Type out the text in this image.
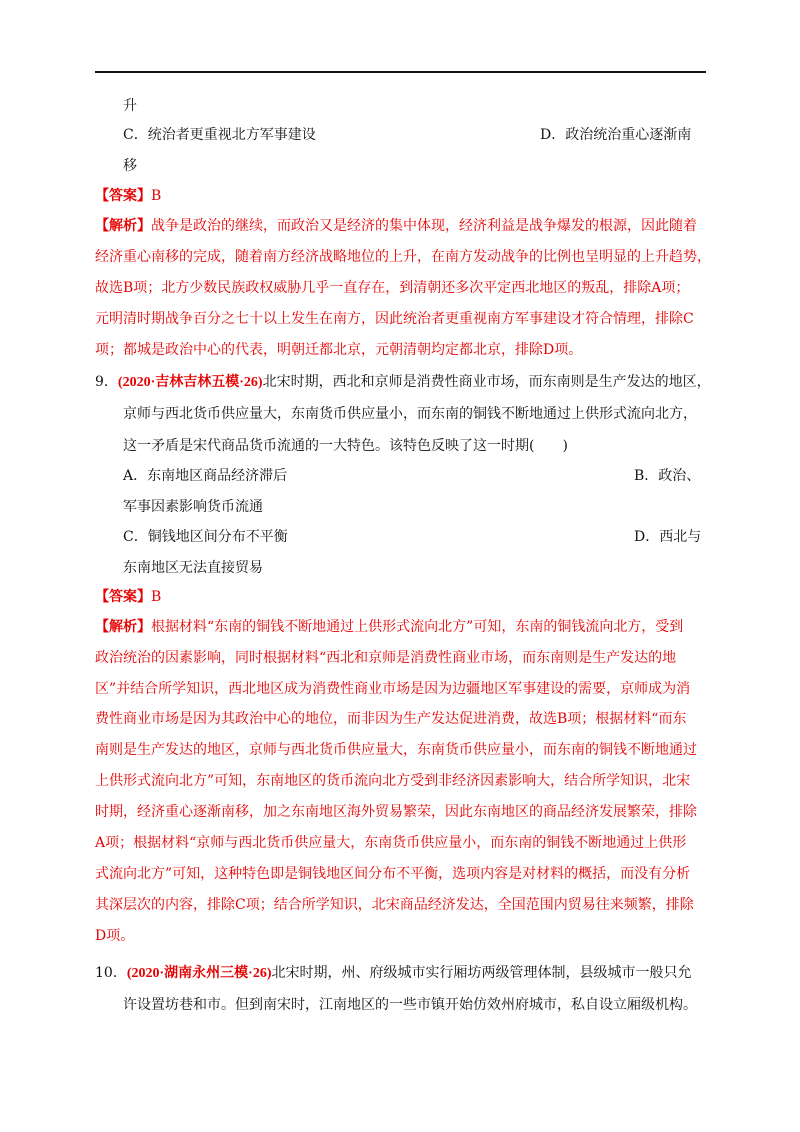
升
C．统治者更重视北方军事建设	D．政治统治重心逐渐南
移
【答案】B
【解析】战争是政治的继续，而政治又是经济的集中体现，经济利益是战争爆发的根源，因此随着
经济重心南移的完成，随着南方经济战略地位的上升，在南方发动战争的比例也呈明显的上升趋势，
故选B项；北方少数民族政权威胁几乎一直存在，到清朝还多次平定西北地区的叛乱，排除A项；
元明清时期战争百分之七十以上发生在南方，因此统治者更重视南方军事建设才符合情理，排除C
项；都城是政治中心的代表，明朝迁都北京，元朝清朝均定都北京，排除D项。
9．(2020·吉林吉林五模·26)北宋时期，西北和京师是消费性商业市场，而东南则是生产发达的地区，
京师与西北货币供应量大，东南货币供应量小，而东南的铜钱不断地通过上供形式流向北方，
这一矛盾是宋代商品货币流通的一大特色。该特色反映了这一时期(　　)
A．东南地区商品经济滞后	B．政治、
军事因素影响货币流通
C．铜钱地区间分布不平衡	D．西北与
东南地区无法直接贸易
【答案】B
【解析】根据材料“东南的铜钱不断地通过上供形式流向北方”可知，东南的铜钱流向北方，受到
政治统治的因素影响，同时根据材料“西北和京师是消费性商业市场，而东南则是生产发达的地
区”并结合所学知识，西北地区成为消费性商业市场是因为边疆地区军事建设的需要，京师成为消
费性商业市场是因为其政治中心的地位，而非因为生产发达促进消费，故选B项；根据材料“而东
南则是生产发达的地区，京师与西北货币供应量大，东南货币供应量小，而东南的铜钱不断地通过
上供形式流向北方”可知，东南地区的货币流向北方受到非经济因素影响大，结合所学知识，北宋
时期，经济重心逐渐南移，加之东南地区海外贸易繁荣，因此东南地区的商品经济发展繁荣，排除
A项；根据材料“京师与西北货币供应量大，东南货币供应量小，而东南的铜钱不断地通过上供形
式流向北方”可知，这种特色即是铜钱地区间分布不平衡，选项内容是对材料的概括，而没有分析
其深层次的内容，排除C项；结合所学知识，北宋商品经济发达，全国范围内贸易往来频繁，排除
D项。
10．(2020·湖南永州三模·26)北宋时期，州、府级城市实行厢坊两级管理体制，县级城市一般只允
许设置坊巷和市。但到南宋时，江南地区的一些市镇开始仿效州府城市，私自设立厢级机构。
